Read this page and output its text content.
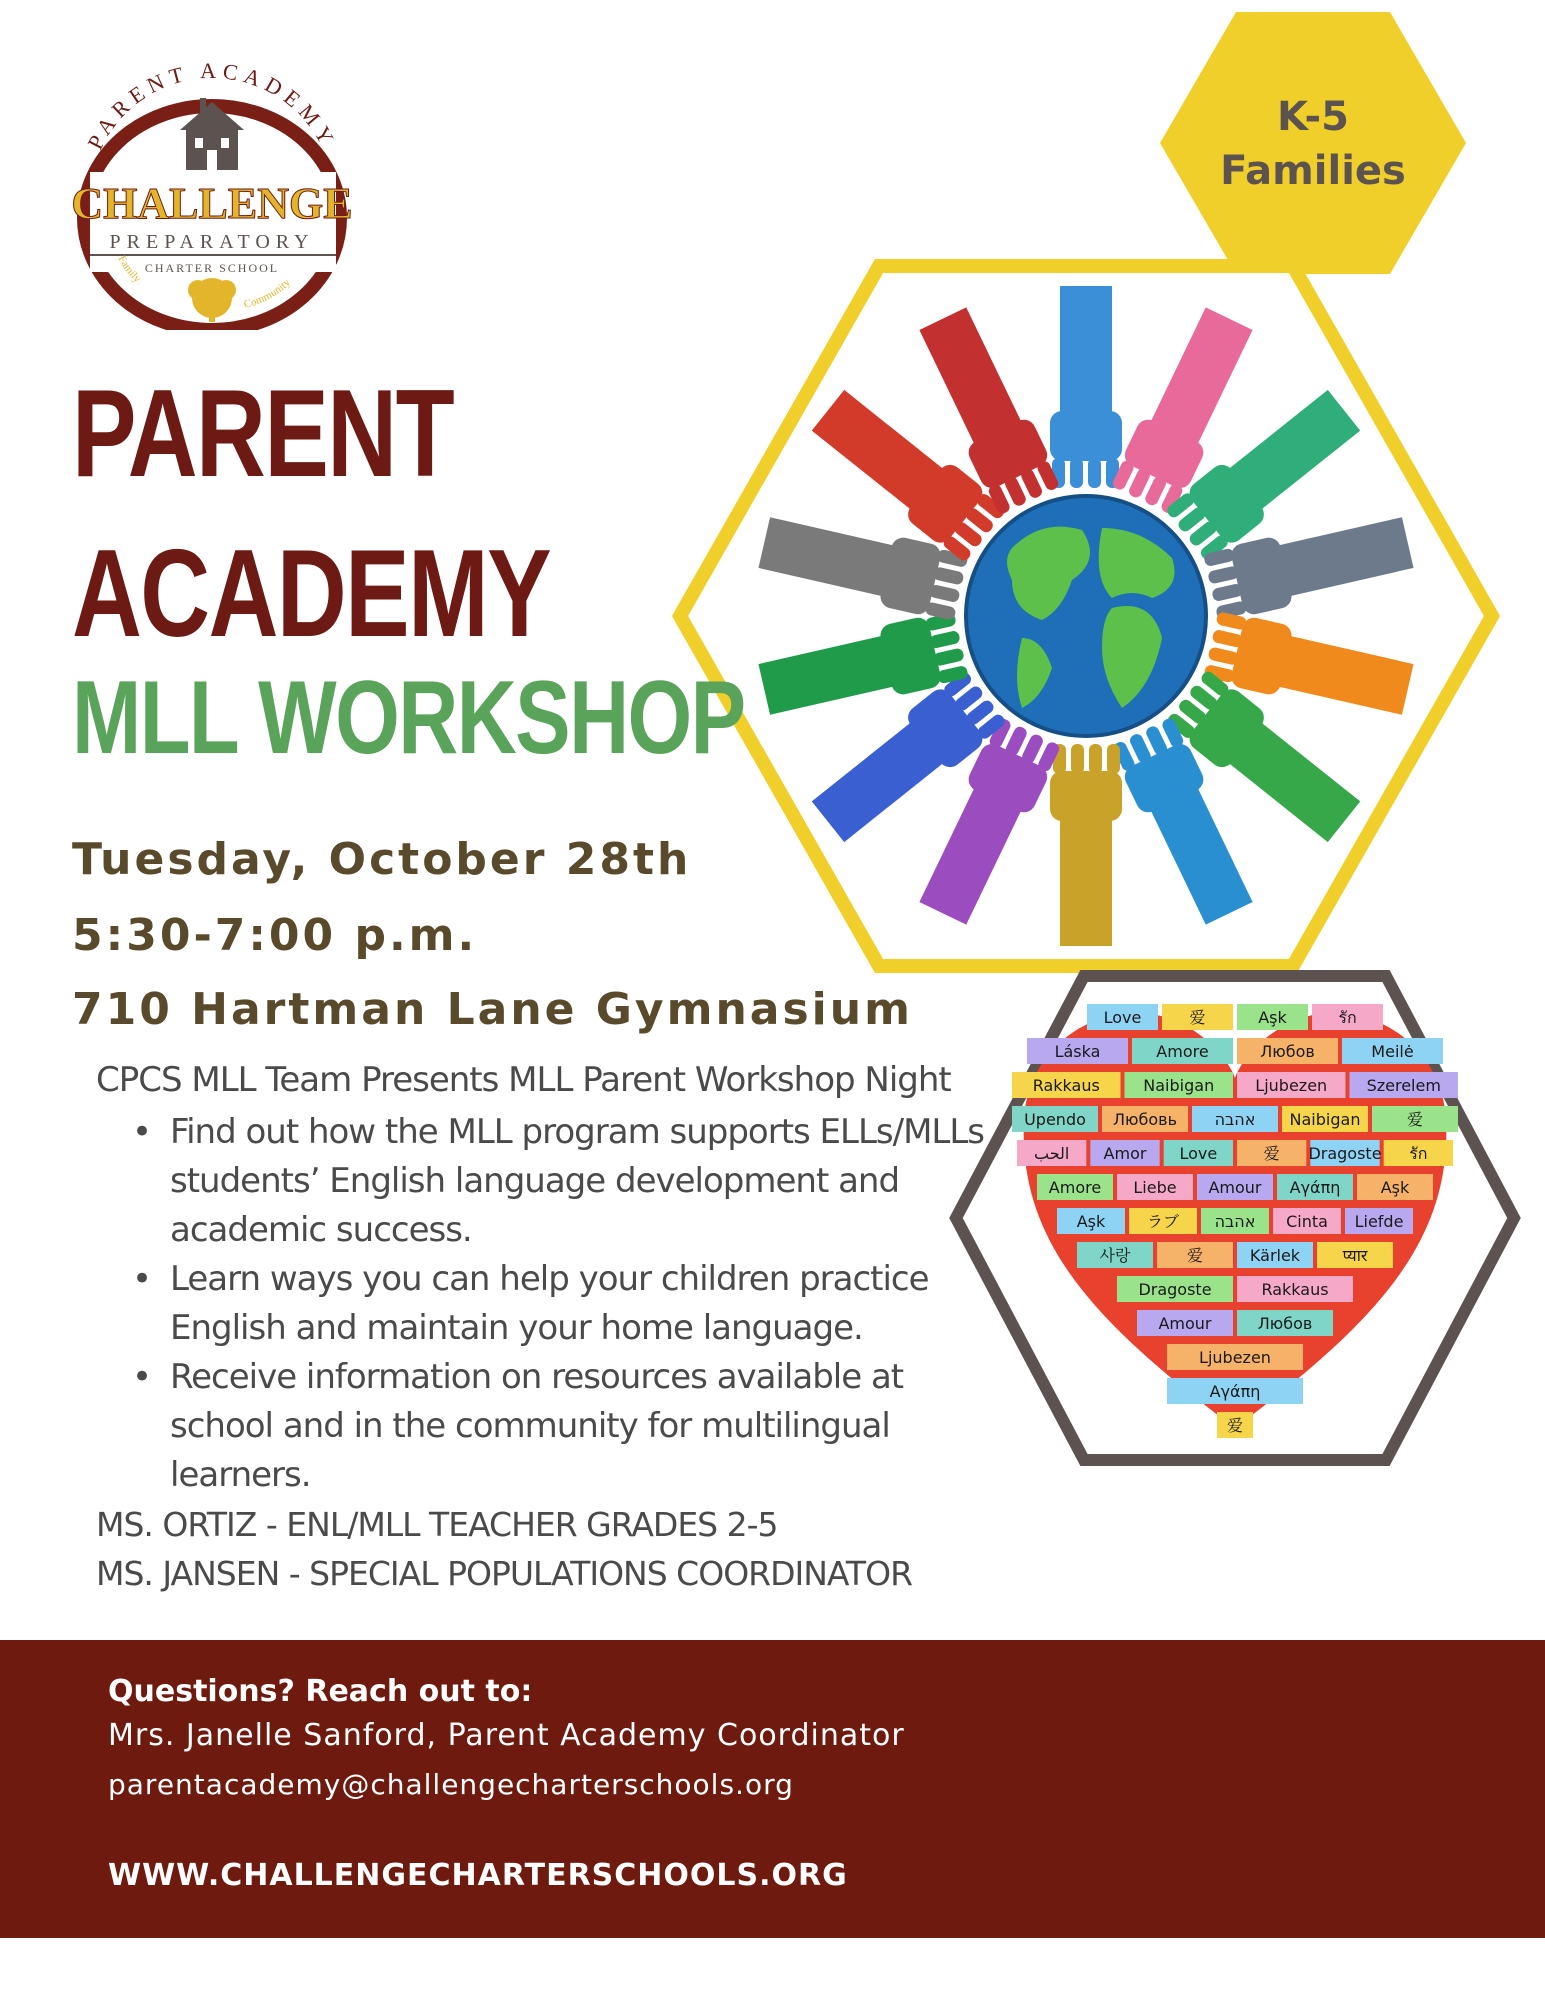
PARENT ACADEMY
CHALLENGE
PREPARATORY
CHARTER SCHOOL
Family
Community
K-5
Families
Love	爱	Aşk	รัก
Láska	Amore	Любов	Meilė
Rakkaus	Naibigan	Ljubezen Szerelem
Upendo Любовь אהבה Naibigan	爱
الحب Amor Love	爱 Dragoste รัก
Amore Liebe Amour Αγάπη	Aşk
Aşk	ラブ אהבה Cinta Liefde
사랑	爱	Kärlek	प्यार
Dragoste	Rakkaus
Amour	Любов
Ljubezen
Αγάπη
爱
PARENT
ACADEMY
MLL WORKSHOP
Tuesday, October 28th
5:30-7:00 p.m.
710 Hartman Lane Gymnasium
CPCS MLL Team Presents MLL Parent Workshop Night
• Find out how the MLL program supports ELLs/MLLs students’ English language development and academic success.
• Learn ways you can help your children practice English and maintain your home language.
• Receive information on resources available at school and in the community for multilingual learners.
MS. ORTIZ - ENL/MLL TEACHER GRADES 2-5
MS. JANSEN - SPECIAL POPULATIONS COORDINATOR
Questions? Reach out to:
Mrs. Janelle Sanford, Parent Academy Coordinator
parentacademy@challengecharterschools.org
WWW.CHALLENGECHARTERSCHOOLS.ORG
